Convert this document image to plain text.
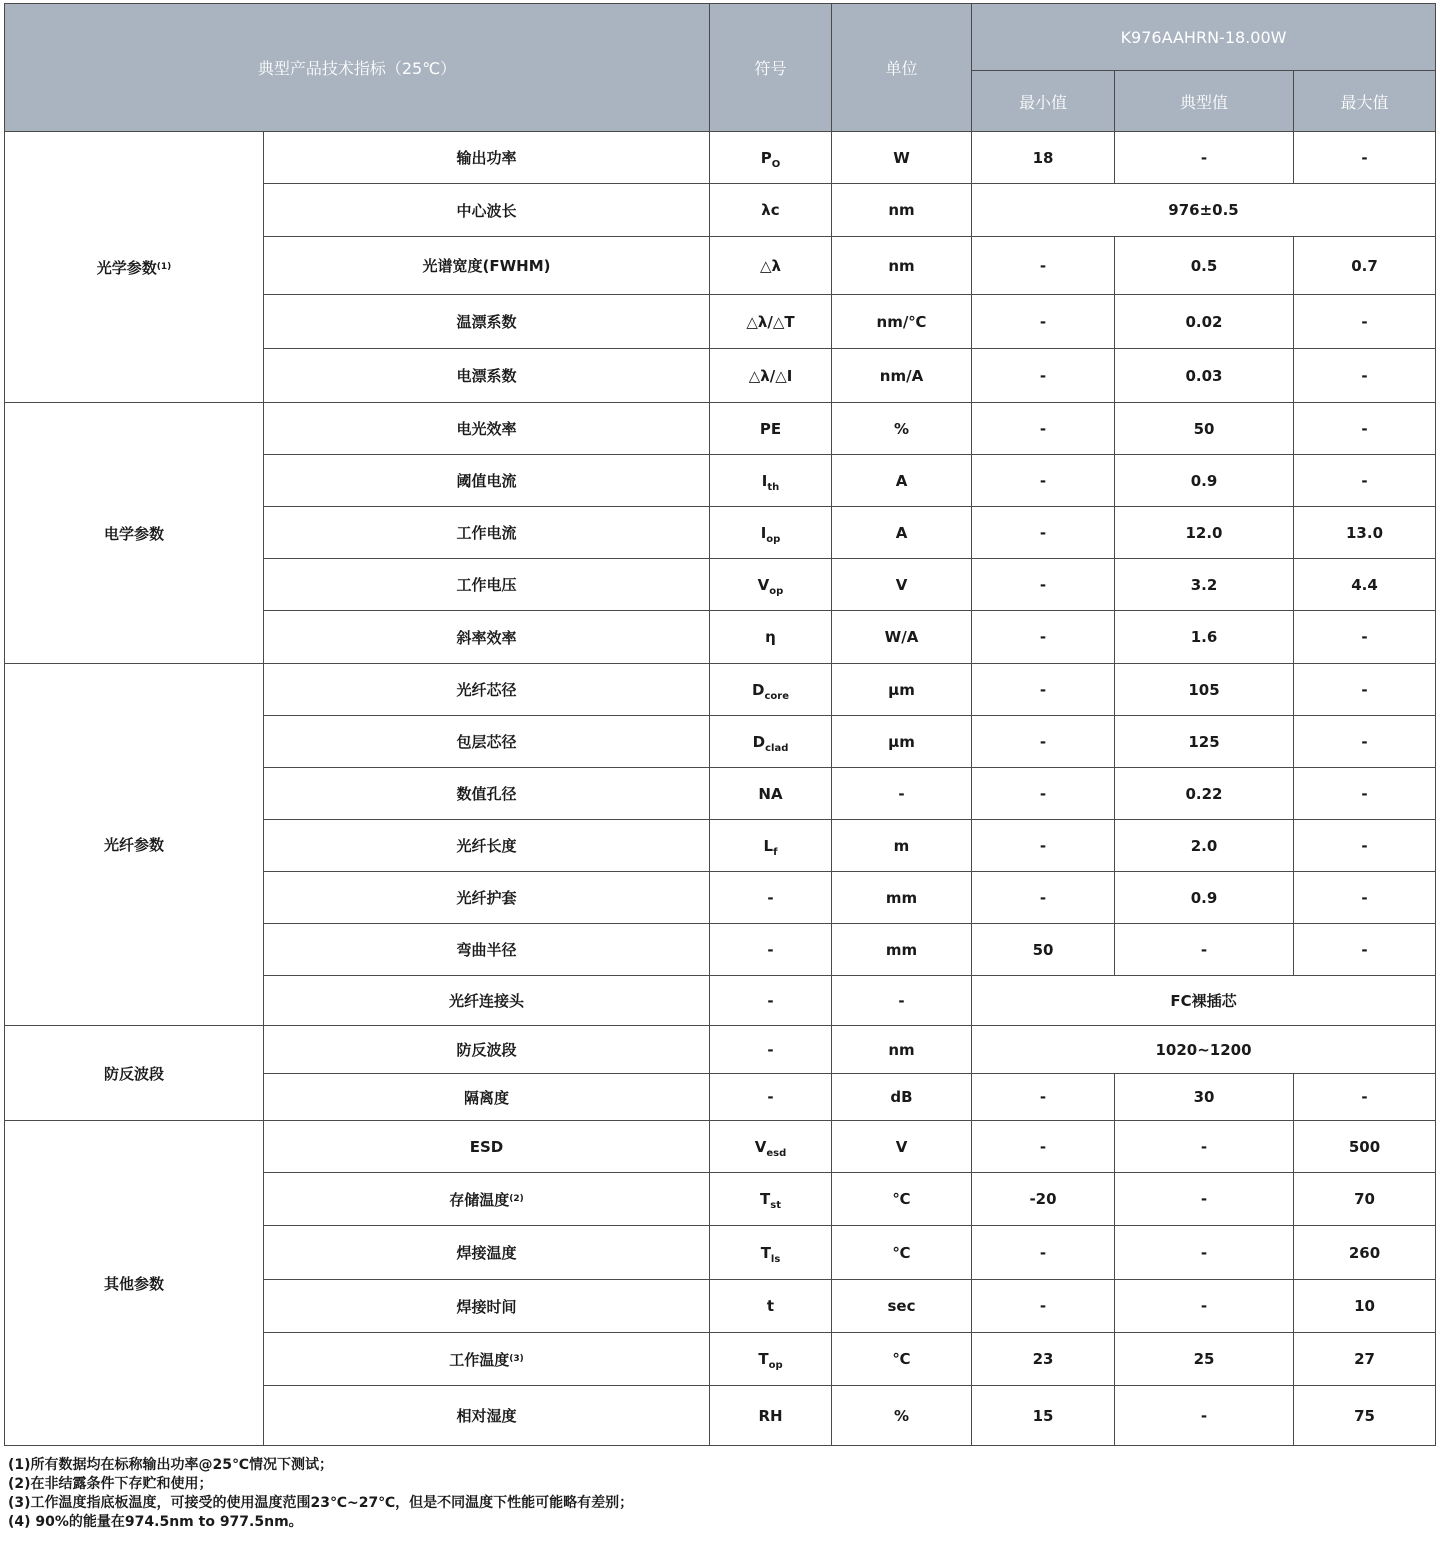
典型产品技术指标（25℃）		符号	单位	K976AAHRN-18.00W		
				最小值	典型值	最大值
光学参数$^{(1)}$	输出功率	$P_O$	W	18	-	-
	中心波长	λc	nm	976±0.5		
	光谱宽度(FWHM)	△λ	nm	-	0.5	0.7
	温漂系数	△λ/△T	nm/℃	-	0.02	-
	电漂系数	△λ/△I	nm/A	-	0.03	-
电学参数	电光效率	PE	%	-	50	-
	阈值电流	$I_{th}$	A	-	0.9	-
	工作电流	$I_{op}$	A	-	12.0	13.0
	工作电压	$V_{op}$	V	-	3.2	4.4
	斜率效率	η	W/A	-	1.6	-
光纤参数	光纤芯径	$D_{core}$	μm	-	105	-
	包层芯径	$D_{clad}$	μm	-	125	-
	数值孔径	NA	-	-	0.22	-
	光纤长度	$L_f$	m	-	2.0	-
	光纤护套	-	mm	-	0.9	-
	弯曲半径	-	mm	50	-	-
	光纤连接头	-	-	FC裸插芯		
防反波段	防反波段	-	nm	1020~1200		
	隔离度	-	dB	-	30	-
其他参数	ESD	$V_{esd}$	V	-	-	500
	存储温度$^{(2)}$	$T_{st}$	℃	-20	-	70
	焊接温度	$T_{ls}$	℃	-	-	260
	焊接时间	t	sec	-	-	10
	工作温度$^{(3)}$	$T_{op}$	℃	23	25	27
	相对湿度	RH	%	15	-	75
(1)所有数据均在标称输出功率@25℃情况下测试；
(2)在非结露条件下存贮和使用；
(3)工作温度指底板温度，可接受的使用温度范围23℃~27℃，但是不同温度下性能可能略有差别；
(4) 90%的能量在974.5nm to 977.5nm。
